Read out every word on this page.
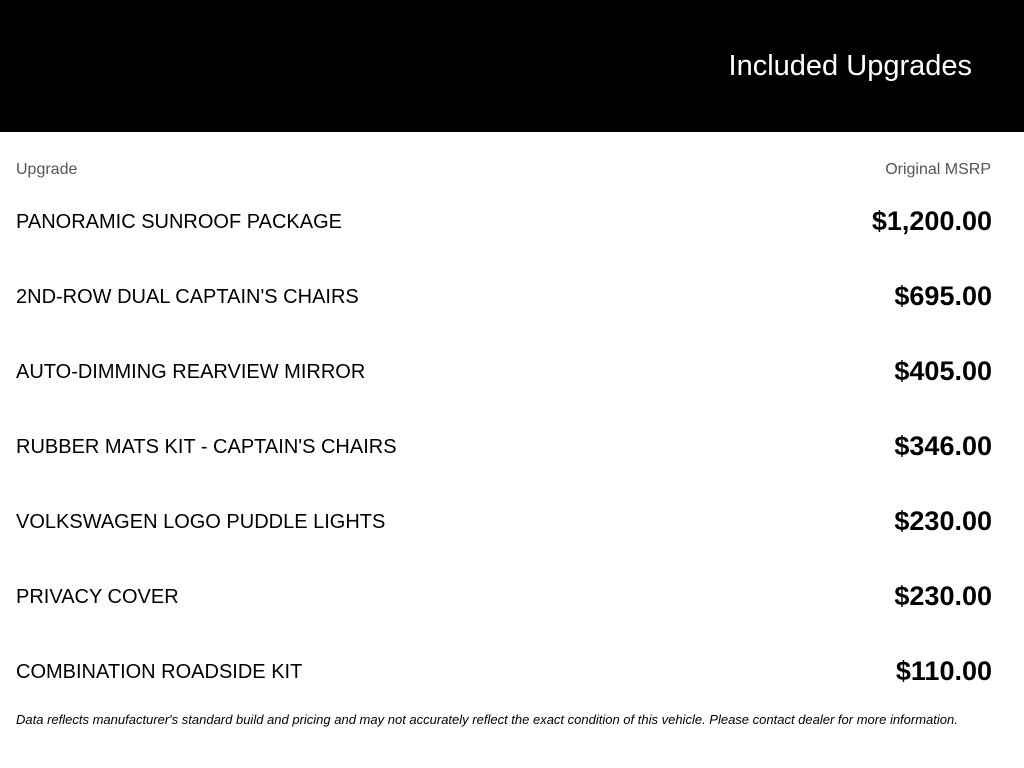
Included Upgrades
Upgrade	Original MSRP
PANORAMIC SUNROOF PACKAGE	$1,200.00
2ND-ROW DUAL CAPTAIN'S CHAIRS	$695.00
AUTO-DIMMING REARVIEW MIRROR	$405.00
RUBBER MATS KIT - CAPTAIN'S CHAIRS	$346.00
VOLKSWAGEN LOGO PUDDLE LIGHTS	$230.00
PRIVACY COVER	$230.00
COMBINATION ROADSIDE KIT	$110.00
Data reflects manufacturer's standard build and pricing and may not accurately reflect the exact condition of this vehicle. Please contact dealer for more information.
